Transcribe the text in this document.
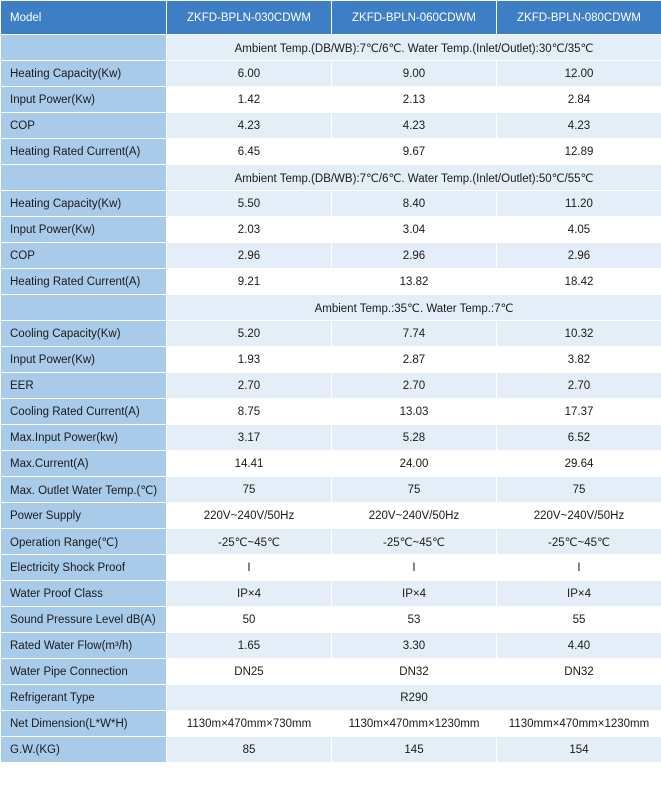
Model	ZKFD-BPLN-030CDWM	ZKFD-BPLN-060CDWM	ZKFD-BPLN-080CDWM
	Ambient Temp.(DB/WB):7℃/6℃. Water Temp.(Inlet/Outlet):30℃/35℃		
Heating Capacity(Kw)	6.00	9.00	12.00
Input Power(Kw)	1.42	2.13	2.84
COP	4.23	4.23	4.23
Heating Rated Current(A)	6.45	9.67	12.89
	Ambient Temp.(DB/WB):7℃/6℃. Water Temp.(Inlet/Outlet):50℃/55℃		
Heating Capacity(Kw)	5.50	8.40	11.20
Input Power(Kw)	2.03	3.04	4.05
COP	2.96	2.96	2.96
Heating Rated Current(A)	9.21	13.82	18.42
	Ambient Temp.:35℃. Water Temp.:7℃		
Cooling Capacity(Kw)	5.20	7.74	10.32
Input Power(Kw)	1.93	2.87	3.82
EER	2.70	2.70	2.70
Cooling Rated Current(A)	8.75	13.03	17.37
Max.Input Power(kw)	3.17	5.28	6.52
Max.Current(A)	14.41	24.00	29.64
Max. Outlet Water Temp.(℃)	75	75	75
Power Supply	220V~240V/50Hz	220V~240V/50Hz	220V~240V/50Hz
Operation Range(℃)	-25℃~45℃	-25℃~45℃	-25℃~45℃
Electricity Shock Proof	I	I	I
Water Proof Class	IP×4	IP×4	IP×4
Sound Pressure Level dB(A)	50	53	55
Rated Water Flow(m³/h)	1.65	3.30	4.40
Water Pipe Connection	DN25	DN32	DN32
Refrigerant Type	R290		
Net Dimension(L*W*H)	1130m×470mm×730mm	1130m×470mm×1230mm	1130mm×470mm×1230mm
G.W.(KG)	85	145	154
